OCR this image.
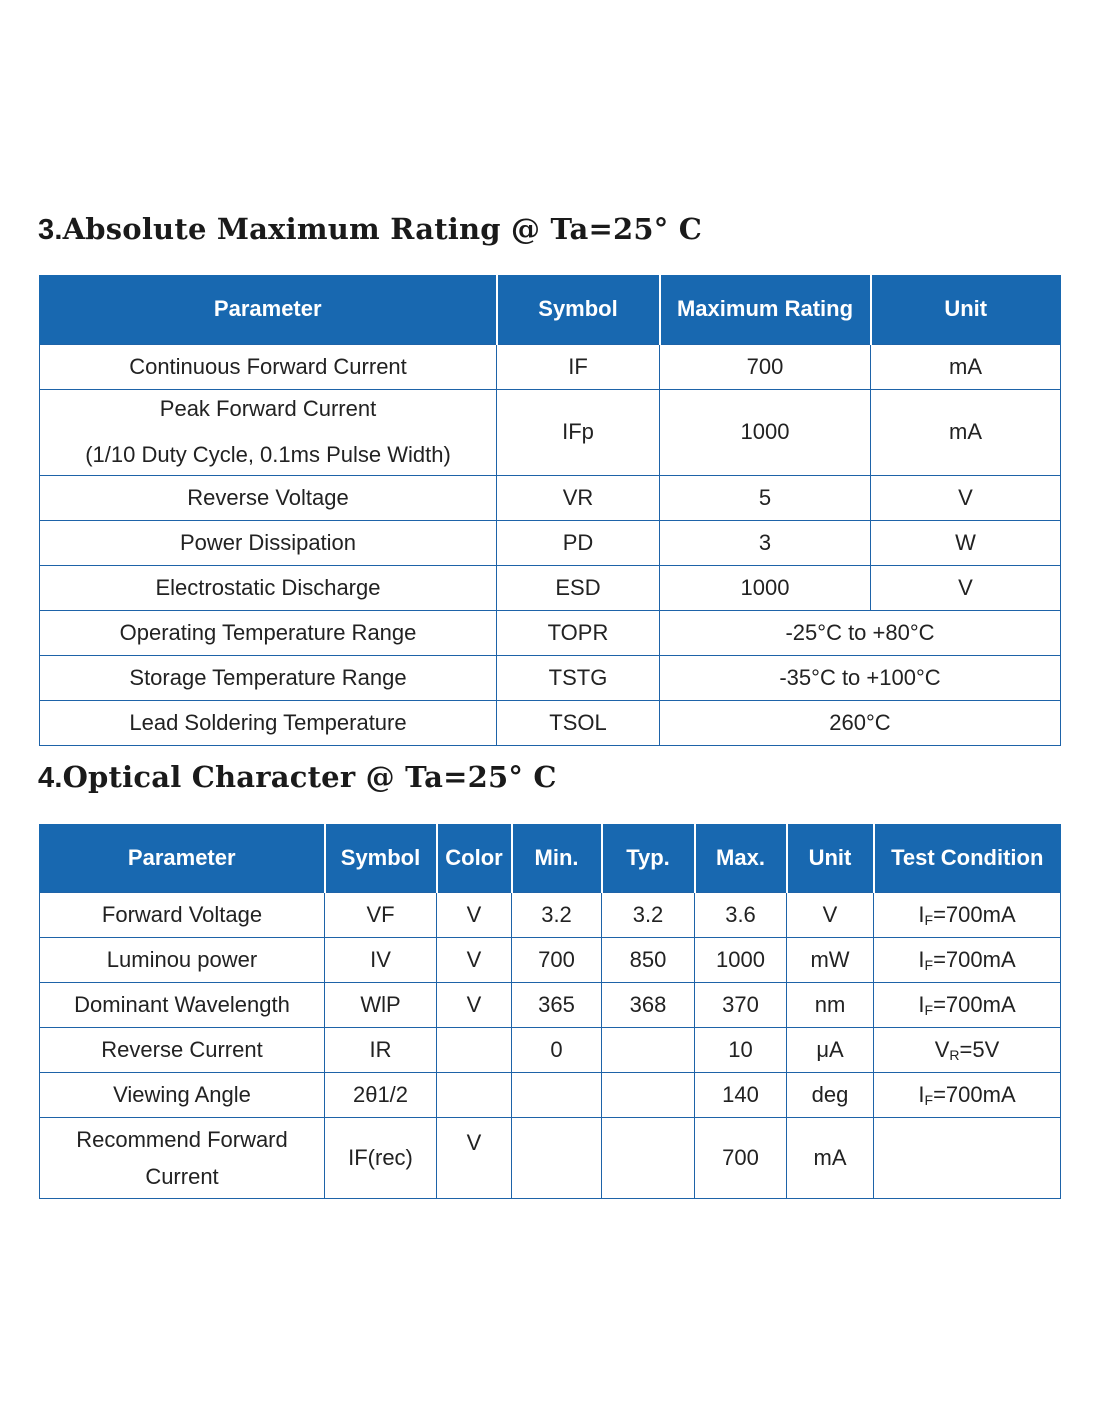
3.Absolute Maximum Rating @ Ta=25° C
Parameter	Symbol	Maximum Rating	Unit
Continuous Forward Current	IF	700	mA

Peak Forward Current
(1/10 Duty Cycle, 0.1ms Pulse Width)	IFp	1000	mA
Reverse Voltage	VR	5	V
Power Dissipation	PD	3	W
Electrostatic Discharge	ESD	1000	V
Operating Temperature Range	TOPR	-25°C to +80°C	
Storage Temperature Range	TSTG	-35°C to +100°C	
Lead Soldering Temperature	TSOL	260°C	
4.Optical Character @ Ta=25° C
Parameter	Symbol	Color	Min.	Typ.	Max.	Unit	Test Condition
Forward Voltage	VF	V	3.2	3.2	3.6	V	$I_F=700mA$
Luminou power	IV	V	700	850	1000	mW	$I_F=700mA$
Dominant Wavelength	WlP	V	365	368	370	nm	$I_F=700mA$
Reverse Current	IR		0		10	μA	$V_R=5V$
Viewing Angle	2θ1/2				140	deg	$I_F=700mA$
Recommend Forward Current	IF(rec)	V			700	mA	
